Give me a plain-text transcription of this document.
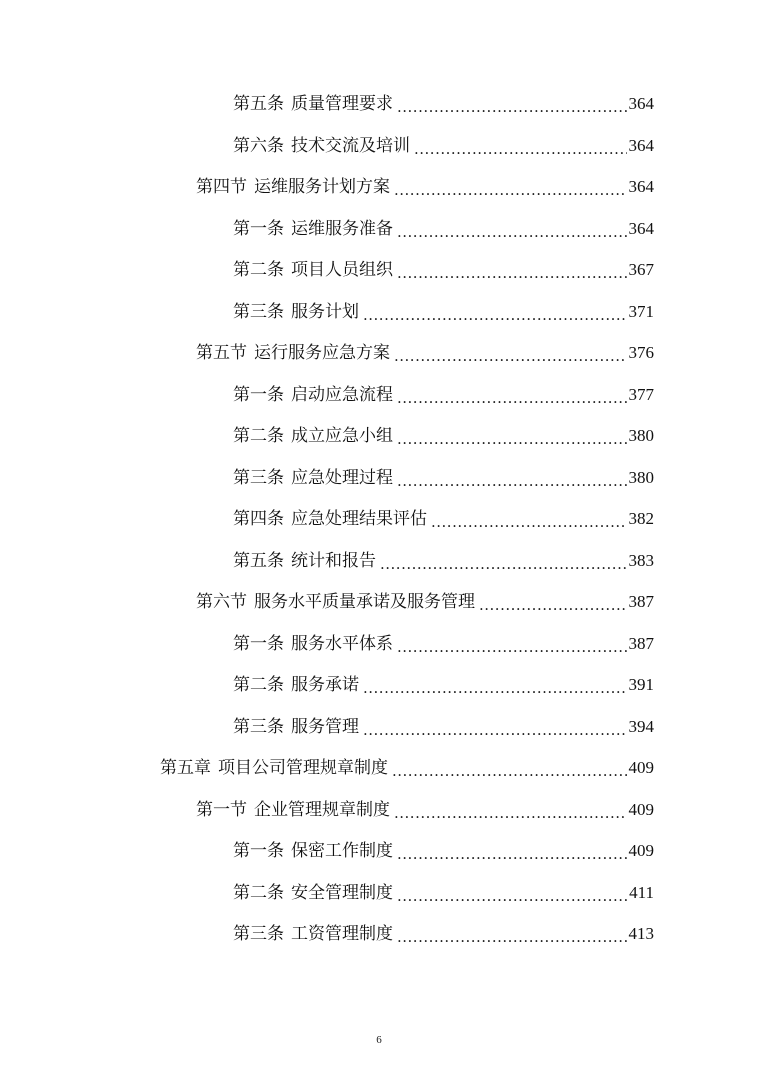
第五条 质量管理要求 .....	364
第六条 技术交流及培训 .....	364
第四节 运维服务计划方案 .....	364
第一条 运维服务准备 .....	364
第二条 项目人员组织 .....	367
第三条 服务计划 .....	371
第五节 运行服务应急方案 .....	376
第一条 启动应急流程 .....	377
第二条 成立应急小组 .....	380
第三条 应急处理过程 .....	380
第四条 应急处理结果评估 .....	382
第五条 统计和报告 .....	383
第六节 服务水平质量承诺及服务管理 .....	387
第一条 服务水平体系 .....	387
第二条 服务承诺 .....	391
第三条 服务管理 .....	394
第五章 项目公司管理规章制度 .....	409
第一节 企业管理规章制度 .....	409
第一条 保密工作制度 .....	409
第二条 安全管理制度 .....	411
第三条 工资管理制度 .....	413
6
